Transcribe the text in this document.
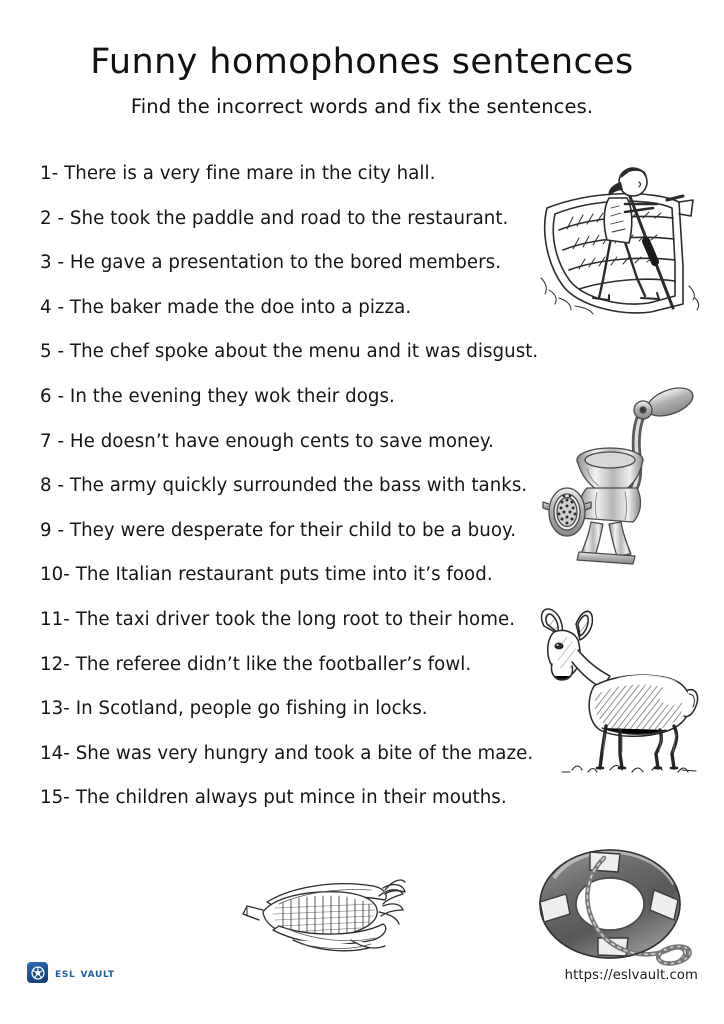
Funny homophones sentences

Find the incorrect words and fix the sentences.

1- There is a very fine mare in the city hall.
2 - She took the paddle and road to the restaurant.
3 - He gave a presentation to the bored members.
4 - The baker made the doe into a pizza.
5 - The chef spoke about the menu and it was disgust.
6 - In the evening they wok their dogs.
7 - He doesn’t have enough cents to save money.
8 - The army quickly surrounded the bass with tanks.
9 - They were desperate for their child to be a buoy.
10- The Italian restaurant puts time into it’s food.
11- The taxi driver took the long root to their home.
12- The referee didn’t like the footballer’s fowl.
13- In Scotland, people go fishing in locks.
14- She was very hungry and took a bite of the maze.
15- The children always put mince in their mouths.
esl vault	https://eslvault.com
